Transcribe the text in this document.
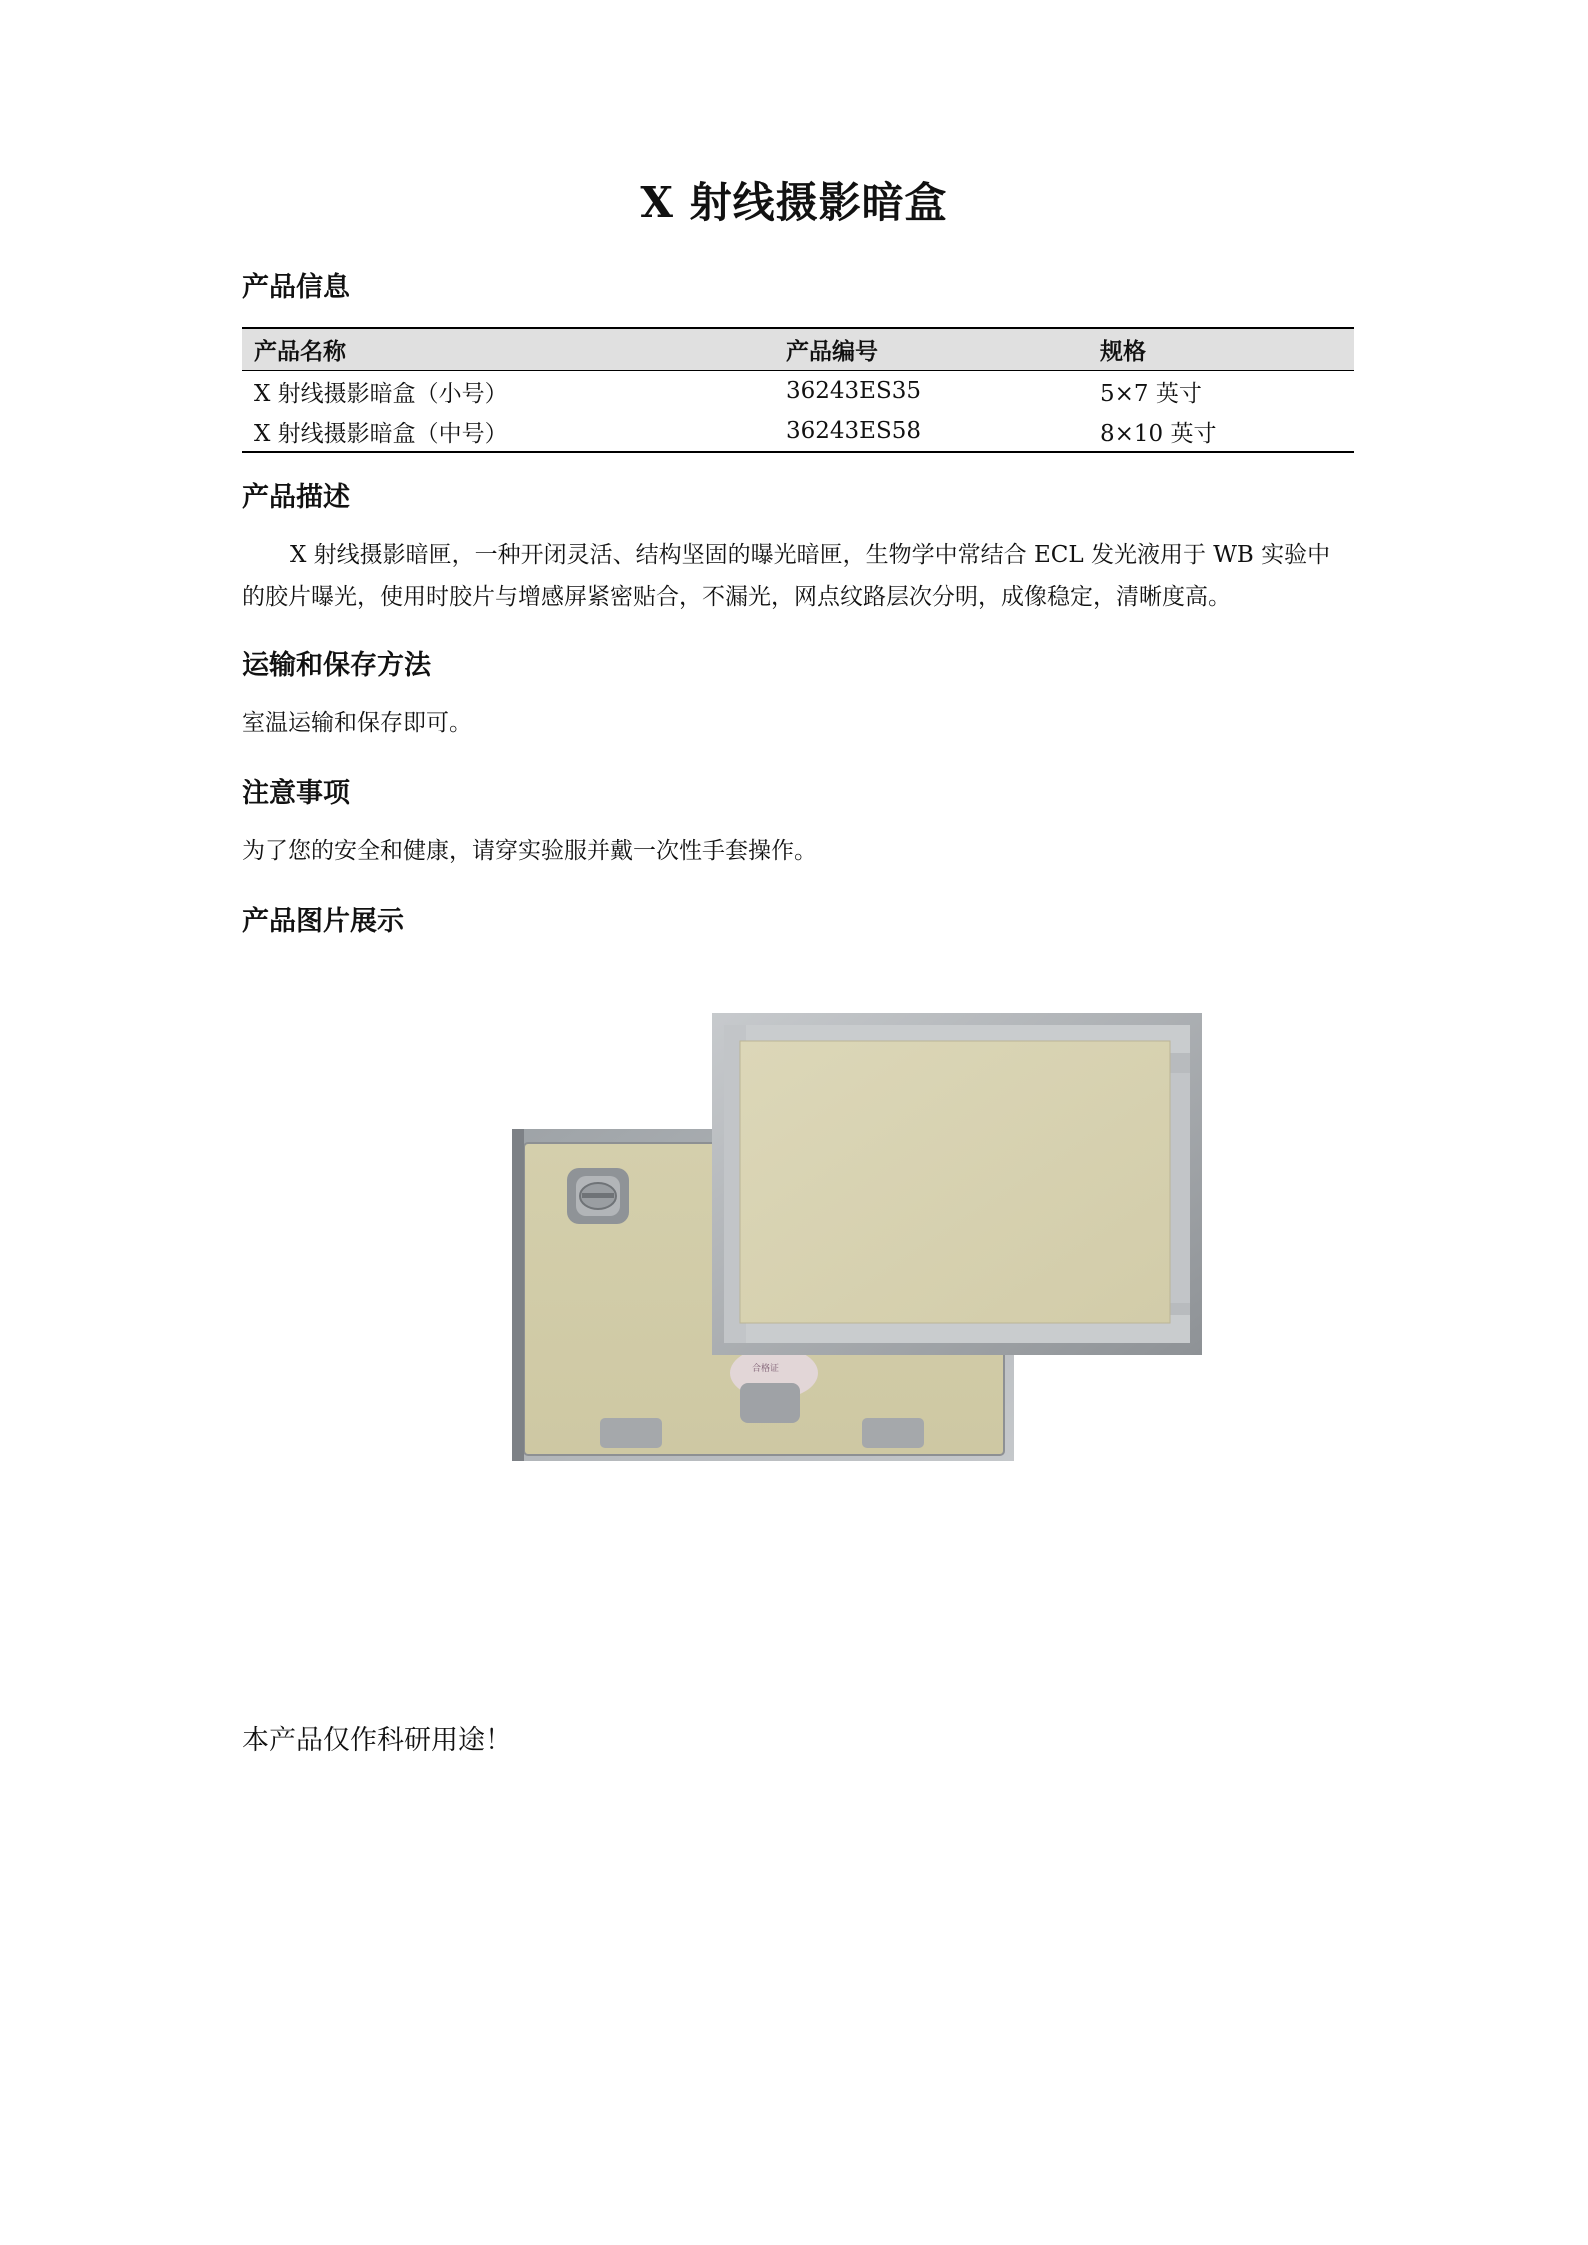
X 射线摄影暗盒
产品信息
产品名称	产品编号	规格
X 射线摄影暗盒（小号）	36243ES35	5×7 英寸
X 射线摄影暗盒（中号）	36243ES58	8×10 英寸
产品描述
X 射线摄影暗匣，一种开闭灵活、结构坚固的曝光暗匣，生物学中常结合 ECL 发光液用于 WB 实验中的胶片曝光，使用时胶片与增感屏紧密贴合，不漏光，网点纹路层次分明，成像稳定，清晰度高。
运输和保存方法
室温运输和保存即可。
注意事项
为了您的安全和健康，请穿实验服并戴一次性手套操作。
产品图片展示
合格证
本产品仅作科研用途！
